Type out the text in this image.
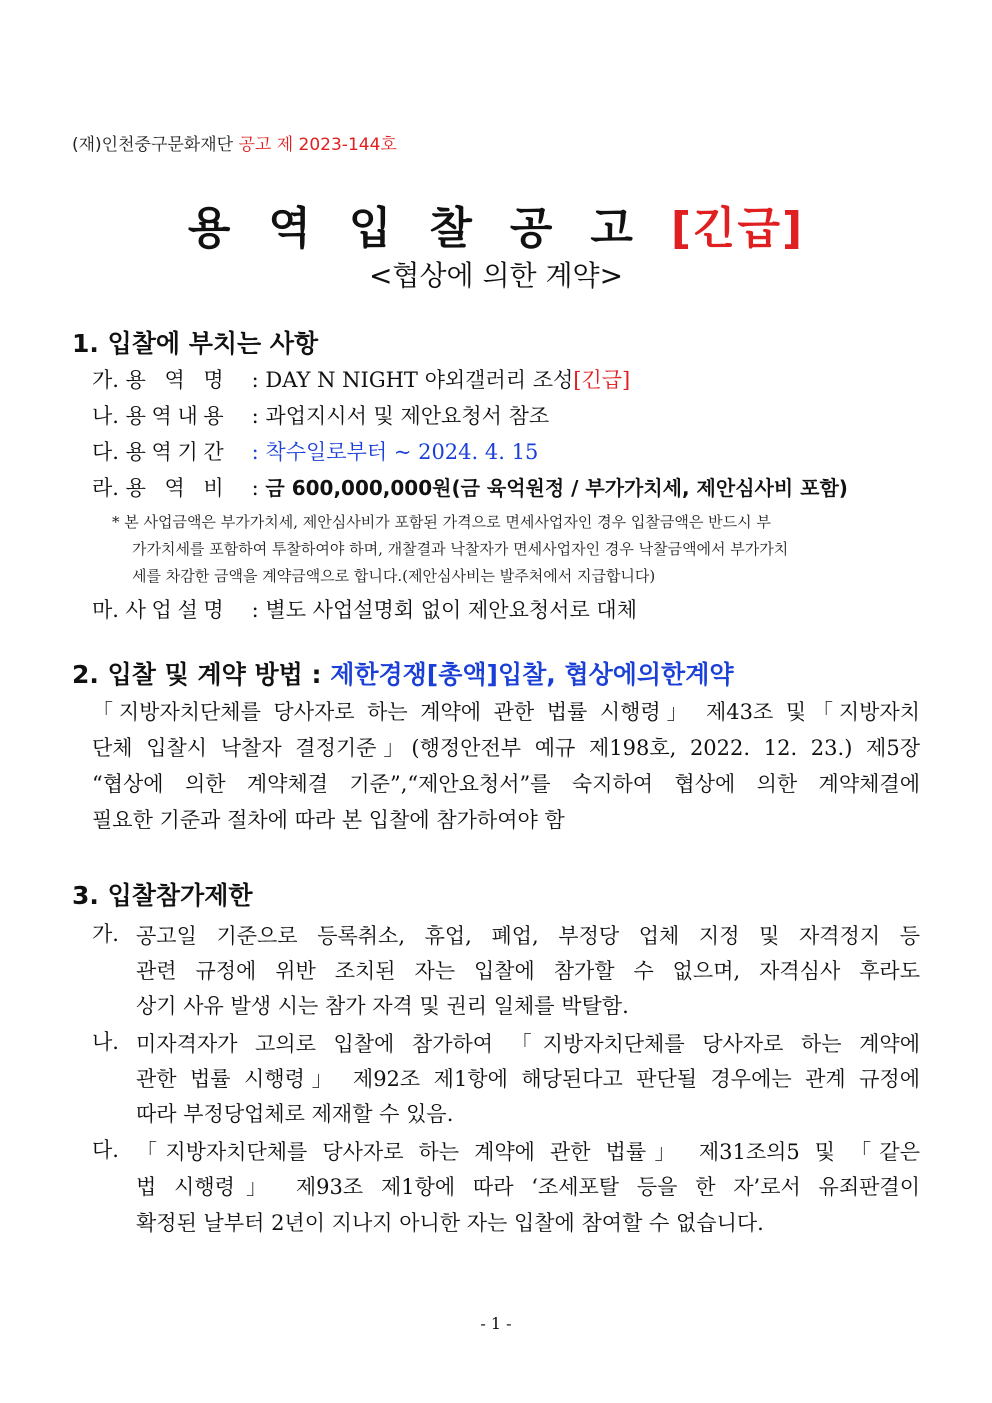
(재)인천중구문화재단 공고 제 2023-144호
용역입찰공고[긴급]
<협상에 의한 계약>
1. 입찰에 부치는 사항
가. 용 역 명 : DAY N NIGHT 야외갤러리 조성[긴급]
나. 용 역 내 용 : 과업지시서 및 제안요청서 참조
다. 용 역 기 간 : 착수일로부터 ~ 2024. 4. 15
라. 용 역 비 : 금 600,000,000원(금 육억원정 / 부가가치세, 제안심사비 포함)
* 본 사업금액은 부가가치세, 제안심사비가 포함된 가격으로 면세사업자인 경우 입찰금액은 반드시 부
가가치세를 포함하여 투찰하여야 하며, 개찰결과 낙찰자가 면세사업자인 경우 낙찰금액에서 부가가치
세를 차감한 금액을 계약금액으로 합니다.(제안심사비는 발주처에서 지급합니다)
마. 사 업 설 명 : 별도 사업설명회 없이 제안요청서로 대체
2. 입찰 및 계약 방법 : 제한경쟁[총액]입찰, 협상에의한계약
「지방자치단체를 당사자로 하는 계약에 관한 법률 시행령」 제43조 및「지방자치
단체 입찰시 낙찰자 결정기준」(행정안전부 예규 제198호, 2022. 12. 23.) 제5장
“협상에 의한 계약체결 기준”,“제안요청서”를 숙지하여 협상에 의한 계약체결에
필요한 기준과 절차에 따라 본 입찰에 참가하여야 함
3. 입찰참가제한
가. 공고일 기준으로 등록취소, 휴업, 폐업, 부정당 업체 지정 및 자격정지 등
관련 규정에 위반 조치된 자는 입찰에 참가할 수 없으며, 자격심사 후라도
상기 사유 발생 시는 참가 자격 및 권리 일체를 박탈함.
나. 미자격자가 고의로 입찰에 참가하여 「지방자치단체를 당사자로 하는 계약에
관한 법률 시행령」 제92조 제1항에 해당된다고 판단될 경우에는 관계 규정에
따라 부정당업체로 제재할 수 있음.
다. 「지방자치단체를 당사자로 하는 계약에 관한 법률」 제31조의5 및 「같은
법 시행령」 제93조 제1항에 따라 ‘조세포탈 등을 한 자’로서 유죄판결이
확정된 날부터 2년이 지나지 아니한 자는 입찰에 참여할 수 없습니다.
- 1 -
